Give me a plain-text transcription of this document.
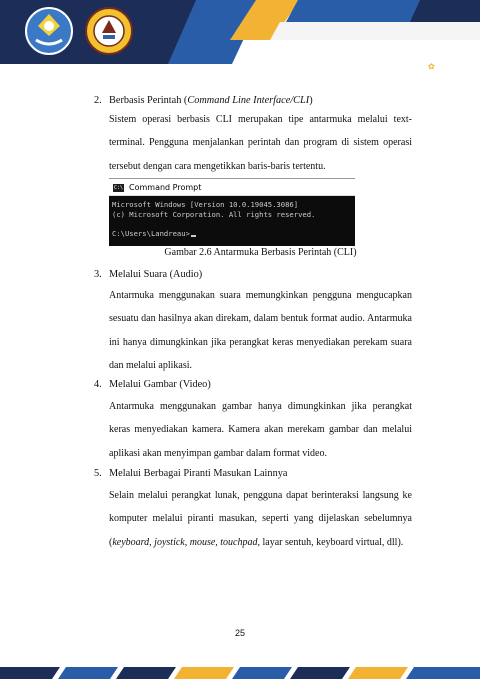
✿
2. Berbasis Perintah (Command Line Interface/CLI)
Sistem operasi berbasis CLI merupakan tipe antarmuka melalui text-terminal. Pengguna menjalankan perintah dan program di sistem operasi tersebut dengan cara mengetikkan baris-baris tertentu.
C:\ Command Prompt
Microsoft Windows [Version 10.0.19045.3086]
(c) Microsoft Corporation. All rights reserved.
C:\Users\Landreau>
Gambar 2.6 Antarmuka Berbasis Perintah (CLI)
3. Melalui Suara (Audio)
Antarmuka menggunakan suara memungkinkan pengguna mengucapkan sesuatu dan hasilnya akan direkam, dalam bentuk format audio. Antarmuka ini hanya dimungkinkan jika perangkat keras menyediakan perekam suara dan melalui aplikasi.
4. Melalui Gambar (Video)
Antarmuka menggunakan gambar hanya dimungkinkan jika perangkat keras menyediakan kamera. Kamera akan merekam gambar dan melalui aplikasi akan menyimpan gambar dalam format video.
5. Melalui Berbagai Piranti Masukan Lainnya
Selain melalui perangkat lunak, pengguna dapat berinteraksi langsung ke komputer melalui piranti masukan, seperti yang dijelaskan sebelumnya (keyboard, joystick, mouse, touchpad, layar sentuh, keyboard virtual, dll).
25
